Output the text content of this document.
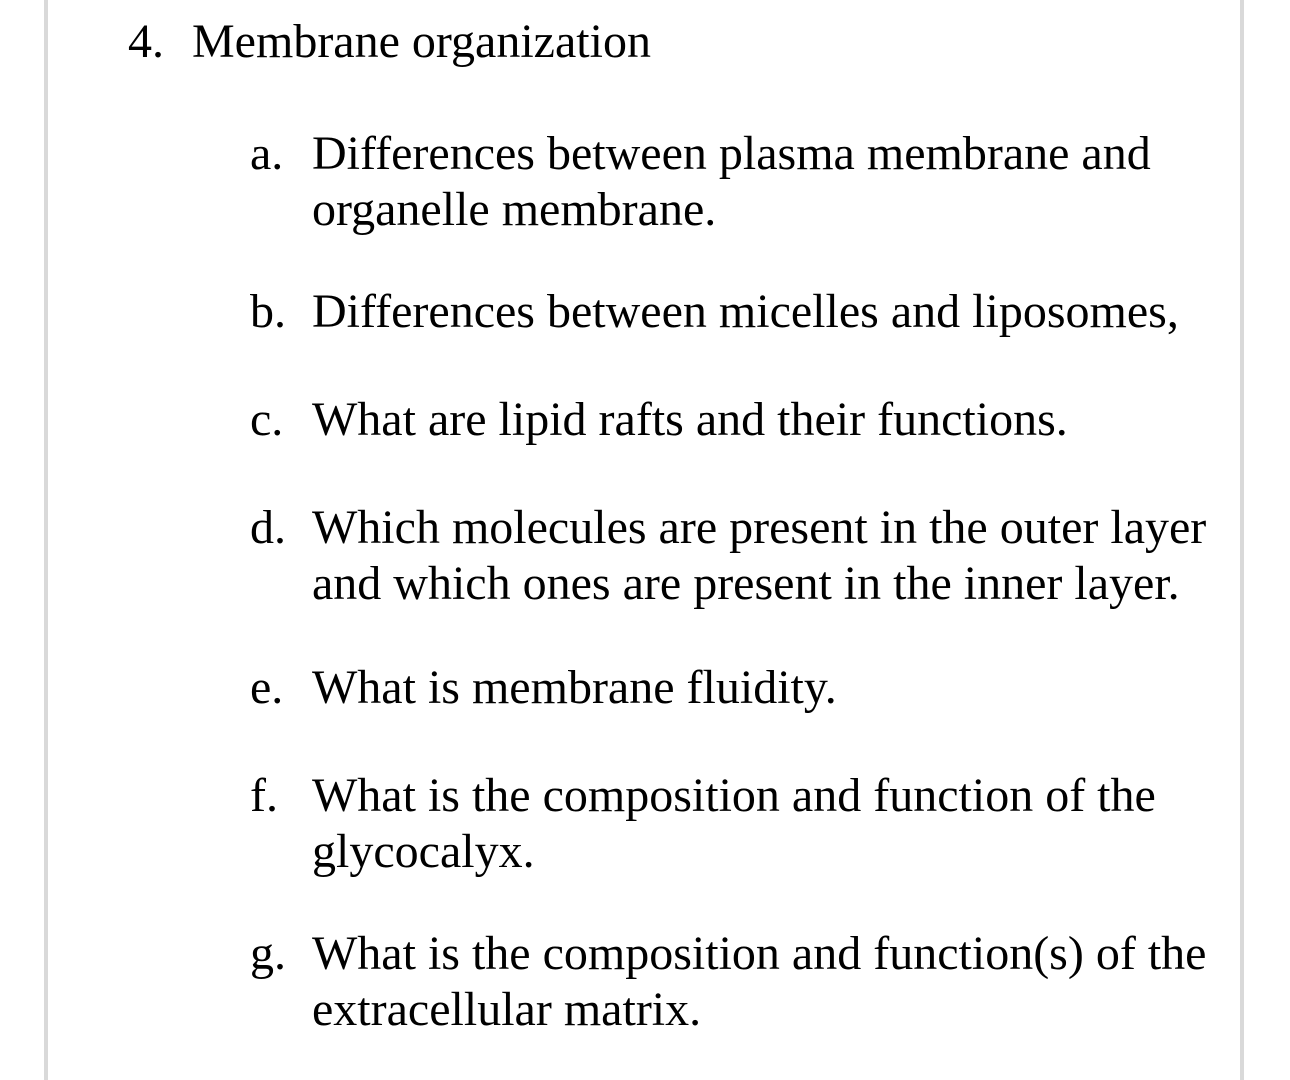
4. Membrane organization
a. Differences between plasma membrane and organelle membrane.
b. Differences between micelles and liposomes,
c. What are lipid rafts and their functions.
d. Which molecules are present in the outer layer and which ones are present in the inner layer.
e. What is membrane fluidity.
f. What is the composition and function of the glycocalyx.
g. What is the composition and function(s) of the extracellular matrix.
